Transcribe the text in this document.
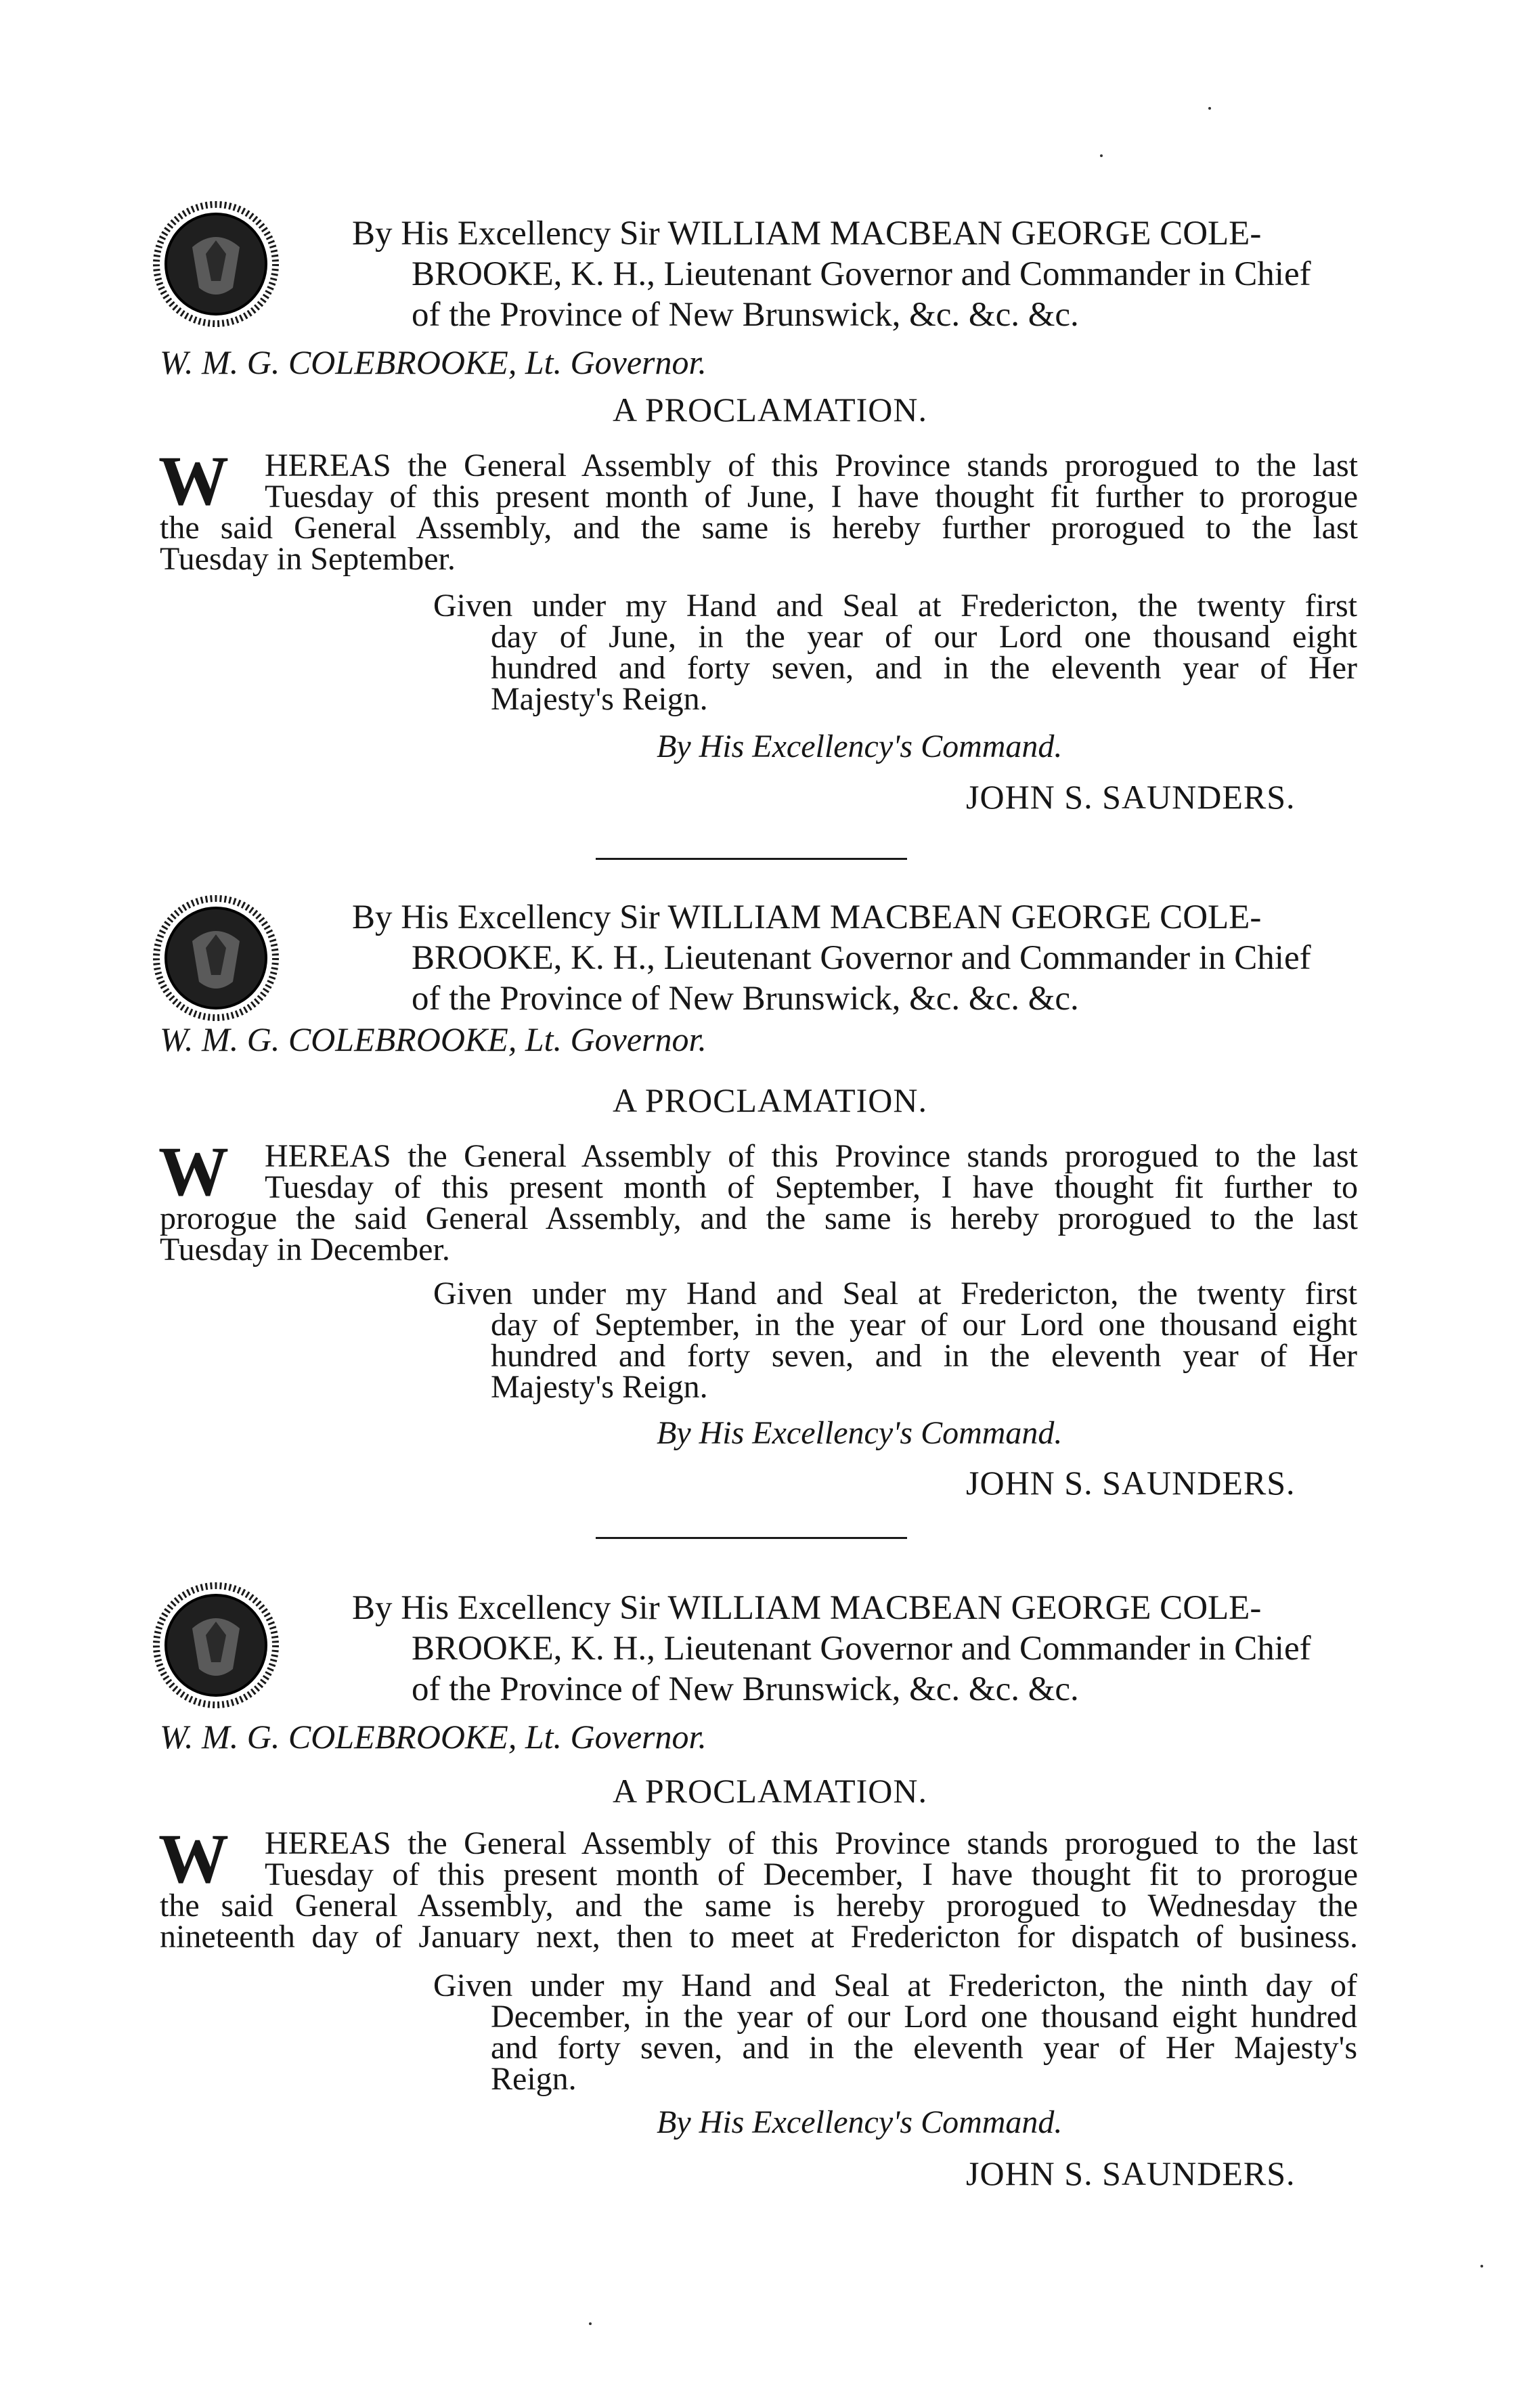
By His Excellency Sir WILLIAM MACBEAN GEORGE COLE-
BROOKE, K. H., Lieutenant Governor and Commander in Chief
of the Province of New Brunswick, &c. &c. &c.
W. M. G. COLEBROOKE, Lt. Governor.
A PROCLAMATION.
W	HEREAS the General Assembly of this Province stands prorogued to the last
Tuesday of this present month of June, I have thought fit further to prorogue
the said General Assembly, and the same is hereby further prorogued to the last
Tuesday in September.
Given under my Hand and Seal at Fredericton, the twenty first
day of June, in the year of our Lord one thousand eight
hundred and forty seven, and in the eleventh year of Her
Majesty's Reign.
By His Excellency's Command.
JOHN S. SAUNDERS.
By His Excellency Sir WILLIAM MACBEAN GEORGE COLE-
BROOKE, K. H., Lieutenant Governor and Commander in Chief
of the Province of New Brunswick, &c. &c. &c.
W. M. G. COLEBROOKE, Lt. Governor.
A PROCLAMATION.
W	HEREAS the General Assembly of this Province stands prorogued to the last
Tuesday of this present month of September, I have thought fit further to
prorogue the said General Assembly, and the same is hereby prorogued to the last
Tuesday in December.
Given under my Hand and Seal at Fredericton, the twenty first
day of September, in the year of our Lord one thousand eight
hundred and forty seven, and in the eleventh year of Her
Majesty's Reign.
By His Excellency's Command.
JOHN S. SAUNDERS.
By His Excellency Sir WILLIAM MACBEAN GEORGE COLE-
BROOKE, K. H., Lieutenant Governor and Commander in Chief
of the Province of New Brunswick, &c. &c. &c.
W. M. G. COLEBROOKE, Lt. Governor.
A PROCLAMATION.
W	HEREAS the General Assembly of this Province stands prorogued to the last
Tuesday of this present month of December, I have thought fit to prorogue
the said General Assembly, and the same is hereby prorogued to Wednesday the
nineteenth day of January next, then to meet at Fredericton for dispatch of business.
Given under my Hand and Seal at Fredericton, the ninth day of
December, in the year of our Lord one thousand eight hundred
and forty seven, and in the eleventh year of Her Majesty's
Reign.
By His Excellency's Command.
JOHN S. SAUNDERS.
